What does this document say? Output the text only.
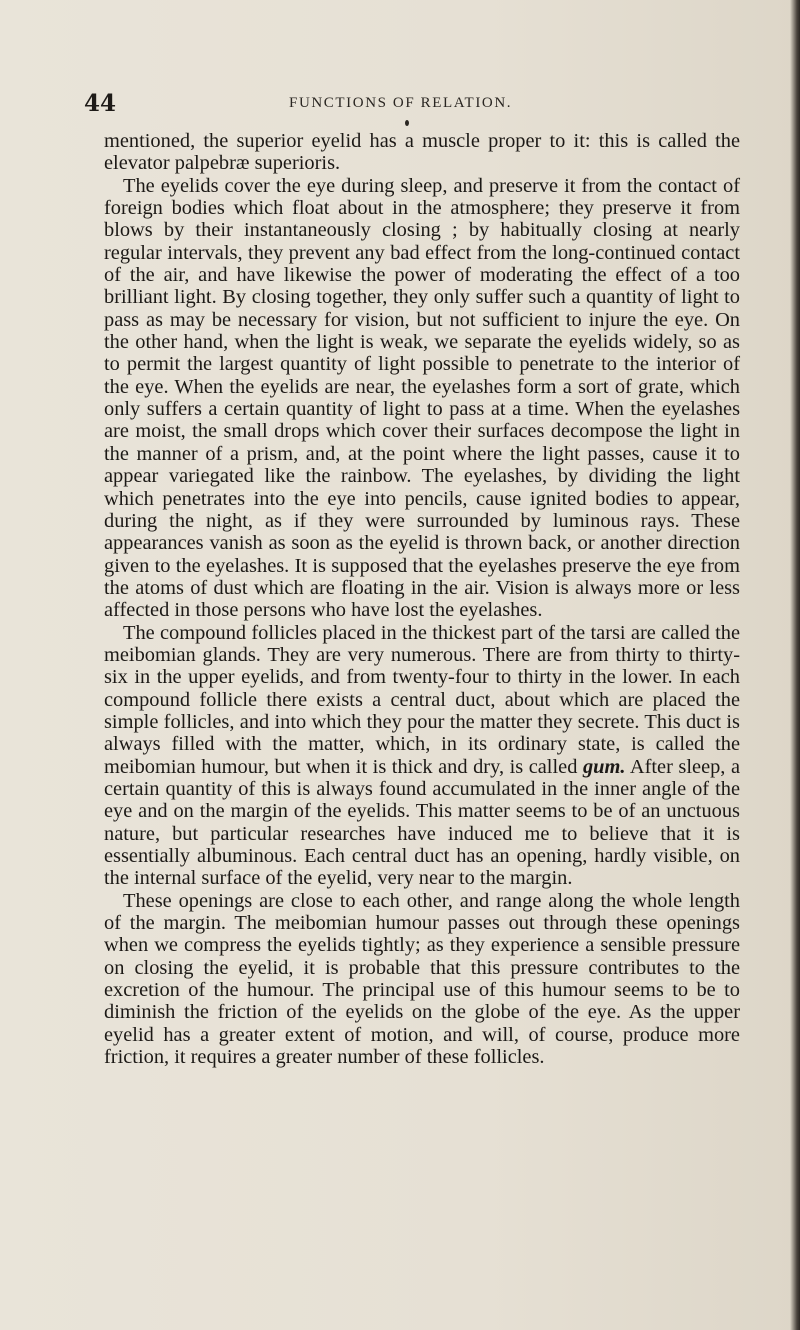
44	FUNCTIONS OF RELATION.

mentioned, the superior eyelid has a muscle proper to it: this is called the elevator palpebræ superioris.

The eyelids cover the eye during sleep, and preserve it from the contact of foreign bodies which float about in the atmosphere; they preserve it from blows by their instantaneously closing ; by habitually closing at nearly regular intervals, they prevent any bad effect from the long-continued contact of the air, and have likewise the power of moderating the effect of a too brilliant light. By closing together, they only suffer such a quantity of light to pass as may be necessary for vision, but not sufficient to injure the eye. On the other hand, when the light is weak, we separate the eyelids widely, so as to permit the largest quantity of light possible to penetrate to the interior of the eye. When the eyelids are near, the eyelashes form a sort of grate, which only suffers a certain quantity of light to pass at a time. When the eyelashes are moist, the small drops which cover their surfaces decompose the light in the manner of a prism, and, at the point where the light passes, cause it to appear variegated like the rainbow. The eyelashes, by dividing the light which penetrates into the eye into pencils, cause ignited bodies to appear, during the night, as if they were surrounded by luminous rays. These appearances vanish as soon as the eyelid is thrown back, or another direction given to the eyelashes. It is supposed that the eyelashes preserve the eye from the atoms of dust which are floating in the air. Vision is always more or less affected in those persons who have lost the eyelashes.

The compound follicles placed in the thickest part of the tarsi are called the meibomian glands. They are very numerous. There are from thirty to thirty-six in the upper eyelids, and from twenty-four to thirty in the lower. In each compound follicle there exists a central duct, about which are placed the simple follicles, and into which they pour the matter they secrete. This duct is always filled with the matter, which, in its ordinary state, is called the meibomian humour, but when it is thick and dry, is called gum. After sleep, a certain quantity of this is always found accumulated in the inner angle of the eye and on the margin of the eyelids. This matter seems to be of an unctuous nature, but particular researches have induced me to believe that it is essentially albuminous. Each central duct has an opening, hardly visible, on the internal surface of the eyelid, very near to the margin.

These openings are close to each other, and range along the whole length of the margin. The meibomian humour passes out through these openings when we compress the eyelids tightly; as they experience a sensible pressure on closing the eyelid, it is probable that this pressure contributes to the excretion of the humour. The principal use of this humour seems to be to diminish the friction of the eyelids on the globe of the eye. As the upper eyelid has a greater extent of motion, and will, of course, produce more friction, it requires a greater number of these follicles.
